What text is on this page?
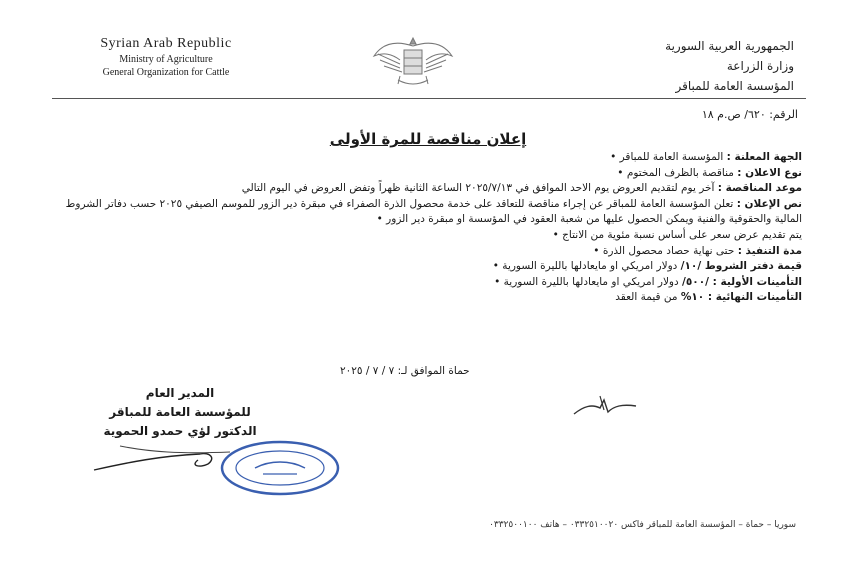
Syrian Arab Republic
Ministry of Agriculture
General Organization for Cattle
الجمهورية العربية السورية
وزارة الزراعة
المؤسسة العامة للمباقر
الرقم: ٦٢٠/ ص.م ١٨
إعلان مناقصة للمرة الأولى

الجهة المعلنة : المؤسسة العامة للمباقر •

نوع الاعلان : مناقصة بالظرف المختوم •

موعد المناقصة : آخر يوم لتقديم العروض يوم الاحد الموافق في ٢٠٢٥/٧/١٣ الساعة الثانية ظهراً وتفض العروض في اليوم التالي

نص الإعلان : تعلن المؤسسة العامة للمباقر عن إجراء مناقصة للتعاقد على خدمة محصول الذرة الصفراء في مبقرة دير الزور للموسم الصيفي ٢٠٢٥ حسب دفاتر الشروط المالية والحقوقية والفنية ويمكن الحصول عليها من شعبة العقود في المؤسسة او مبقرة دير الزور •

يتم تقديم عرض سعر على أساس نسبة مئوية من الانتاج •

مدة التنفيذ : حتى نهاية حصاد محصول الذرة •

قيمة دفتر الشروط /١٠/ دولار امريكي او مايعادلها بالليرة السورية •

التأمينات الأولية : /٥٠٠/ دولار امريكي او مايعادلها بالليرة السورية •

التأمينات النهائية : ١٠% من قيمة العقد

حماة الموافق لـ: ٧ / ٧ / ٢٠٢٥
المدير العام
للمؤسسة العامة للمباقر
الدكتور لؤي حمدو الحموية
سوريا – حماة – المؤسسة العامة للمباقر فاكس ٠٣٣٢٥١٠٠٢٠ – هاتف ٠٣٣٢٥٠٠١٠٠
